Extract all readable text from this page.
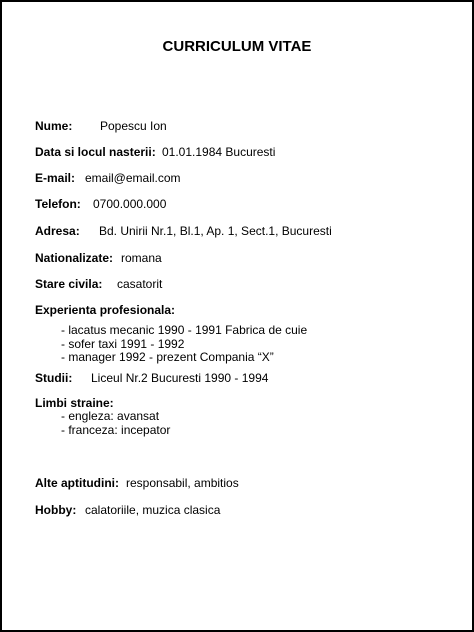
CURRICULUM VITAE
Nume: Popescu Ion
Data si locul nasterii: 01.01.1984 Bucuresti
E-mail: email@email.com
Telefon: 0700.000.000
Adresa: Bd. Unirii Nr.1, Bl.1, Ap. 1, Sect.1, Bucuresti
Nationalizate: romana
Stare civila: casatorit
Experienta profesionala:
- lacatus mecanic 1990 - 1991 Fabrica de cuie
- sofer taxi 1991 - 1992
- manager 1992 - prezent Compania “X”
Studii: Liceul Nr.2 Bucuresti 1990 - 1994
Limbi straine:
- engleza: avansat
- franceza: incepator
Alte aptitudini: responsabil, ambitios
Hobby: calatoriile, muzica clasica
